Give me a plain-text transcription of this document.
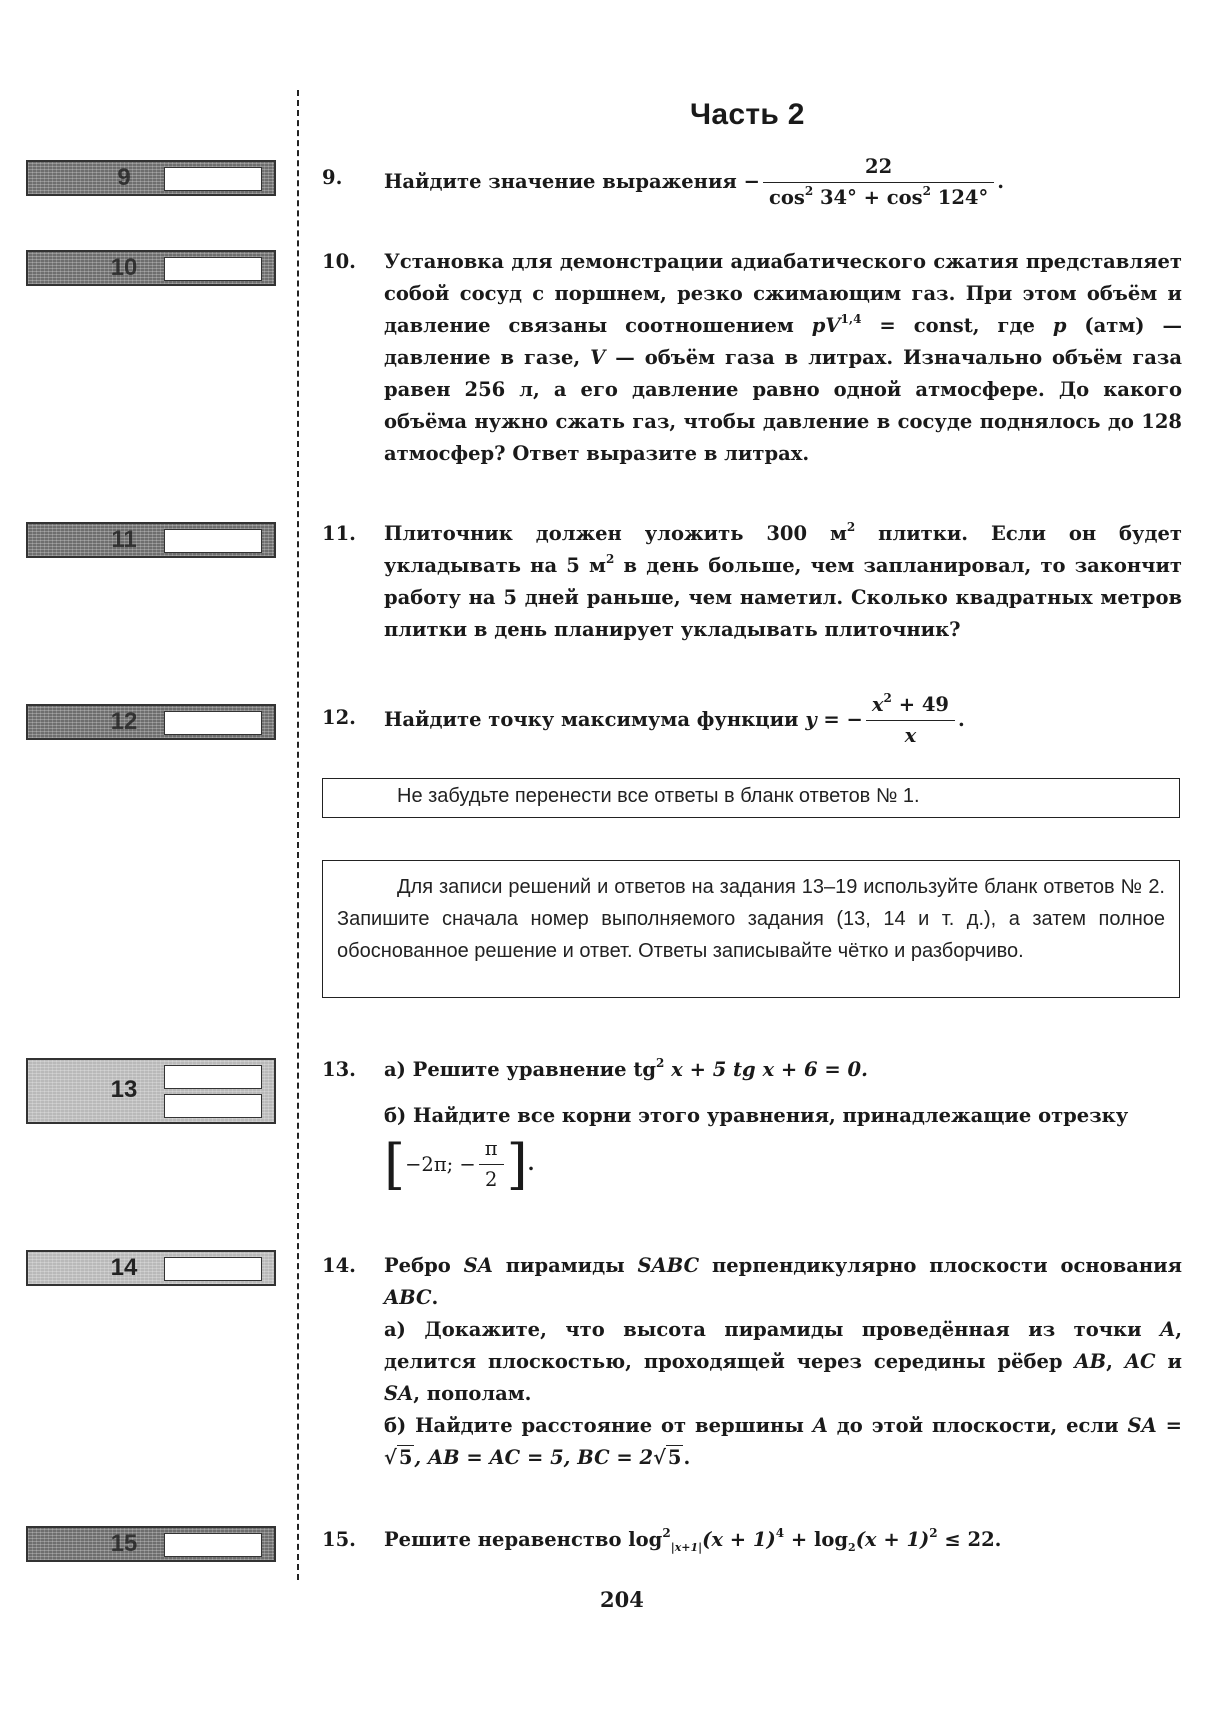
Часть 2
9
10
11
12
13
14
15
9. Найдите значение выражения − $\frac{22}{\cos^2 34^\circ + \cos^2 124^\circ}$ .
10. Установка для демонстрации адиабатического сжатия представляет собой сосуд с поршнем, резко сжимающим газ. При этом объём и давление связаны соотношением pV$^{1,4}$ = const, где p (атм) — давление в газе, V — объём газа в литрах. Изначально объём газа равен 256 л, а его давление равно одной атмосфере. До какого объёма нужно сжать газ, чтобы давление в сосуде поднялось до 128 атмосфер? Ответ выразите в литрах.
11. Плиточник должен уложить 300 $м^2$ плитки. Если он будет укладывать на 5 $м^2$ в день больше, чем запланировал, то закончит работу на 5 дней раньше, чем наметил. Сколько квадратных метров плитки в день планирует укладывать плиточник?
12. Найдите точку максимума функции y = − $\frac{x^2 + 49}{x}$ .
Не забудьте перенести все ответы в бланк ответов № 1.
Для записи решений и ответов на задания 13–19 используйте бланк ответов № 2. Запишите сначала номер выполняемого задания (13, 14 и т. д.), а затем полное обоснованное решение и ответ. Ответы записывайте чётко и разборчиво.
13. а) Решите уравнение $tg^2$ x + 5 tg x + 6 = 0.

б) Найдите все корни этого уравнения, принадлежащие отрезку

[ −2π; − $\frac{\pi}{2}$ ].
14. Ребро SA пирамиды SABC перпендикулярно плоскости основания ABC.

а) Докажите, что высота пирамиды проведённая из точки A, делится плоскостью, проходящей через середины рёбер AB, AC и SA, пополам.

б) Найдите расстояние от вершины A до этой плоскости, если SA = √ 5 , AB = AC = 5, BC = 2√ 5 .

15. Решите неравенство $\log^2_{|x+1|}(x + 1)^4 + \log_2(x + 1)^2 \le 22$.
204
